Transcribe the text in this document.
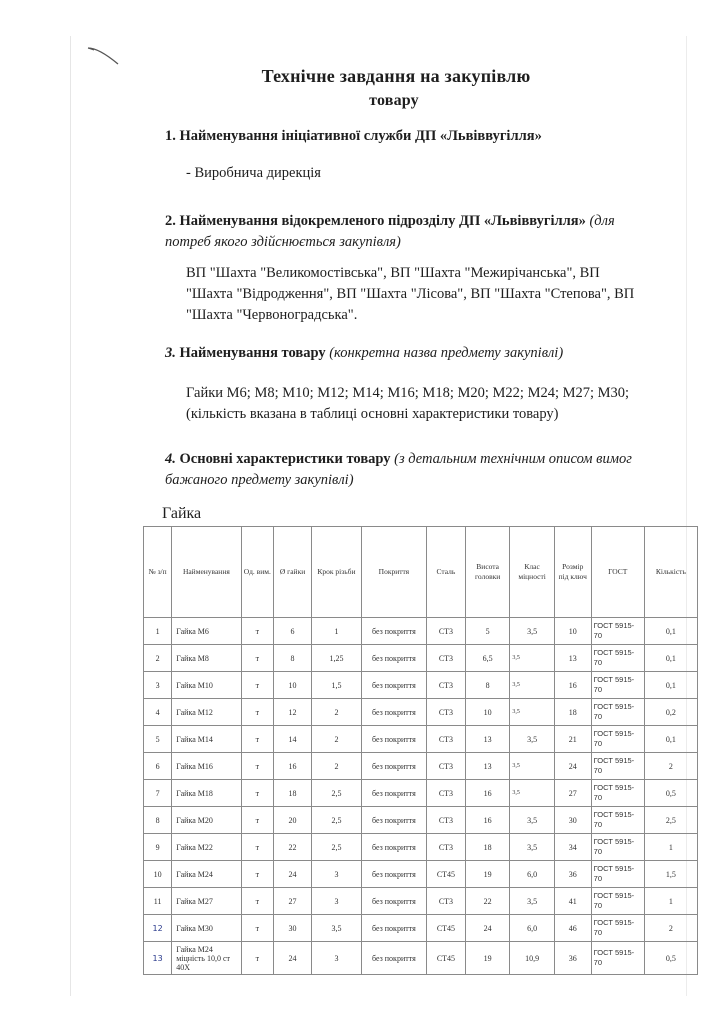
Технічне завдання на закупівлю
товару
1. Найменування ініціативної служби ДП «Львіввугілля»
- Виробнича дирекція
2. Найменування відокремленого підрозділу ДП «Львіввугілля» (для потреб якого здійснюється закупівля)
ВП "Шахта "Великомостівська", ВП "Шахта "Межирічанська", ВП "Шахта "Відродження", ВП "Шахта "Лісова", ВП "Шахта "Степова", ВП "Шахта "Червоноградська".
3. Найменування товару (конкретна назва предмету закупівлі)
Гайки М6; М8; М10; М12; М14; М16; М18; М20; М22; М24; М27; М30; (кількість вказана в таблиці основні характеристики товару)
4. Основні характеристики товару (з детальним технічним описом вимог бажаного предмету закупівлі)
Гайка
№ з/п	Найменування	Од. вим.	Ø гайки	Крок різьби	Покриття	Сталь	Висота головки	Клас міцності	Розмір під ключ	ГОСТ	Кількість
1	Гайка М6	т	6	1	без покриття	СТ3	5	3,5	10	ГОСТ 5915-70	0,1
2	Гайка М8	т	8	1,25	без покриття	СТ3	6,5	3,5	13	ГОСТ 5915-70	0,1
3	Гайка М10	т	10	1,5	без покриття	СТ3	8	3,5	16	ГОСТ 5915-70	0,1
4	Гайка М12	т	12	2	без покриття	СТ3	10	3,5	18	ГОСТ 5915-70	0,2
5	Гайка М14	т	14	2	без покриття	СТ3	13	3,5	21	ГОСТ 5915-70	0,1
6	Гайка М16	т	16	2	без покриття	СТ3	13	3,5	24	ГОСТ 5915-70	2
7	Гайка М18	т	18	2,5	без покриття	СТ3	16	3,5	27	ГОСТ 5915-70	0,5
8	Гайка М20	т	20	2,5	без покриття	СТ3	16	3,5	30	ГОСТ 5915-70	2,5
9	Гайка М22	т	22	2,5	без покриття	СТ3	18	3,5	34	ГОСТ 5915-70	1
10	Гайка М24	т	24	3	без покриття	СТ45	19	6,0	36	ГОСТ 5915-70	1,5
11	Гайка М27	т	27	3	без покриття	СТ3	22	3,5	41	ГОСТ 5915-70	1
12	Гайка М30	т	30	3,5	без покриття	СТ45	24	6,0	46	ГОСТ 5915-70	2
13	Гайка М24 міцність 10,0 ст 40Х	т	24	3	без покриття	СТ45	19	10,9	36	ГОСТ 5915-70	0,5
